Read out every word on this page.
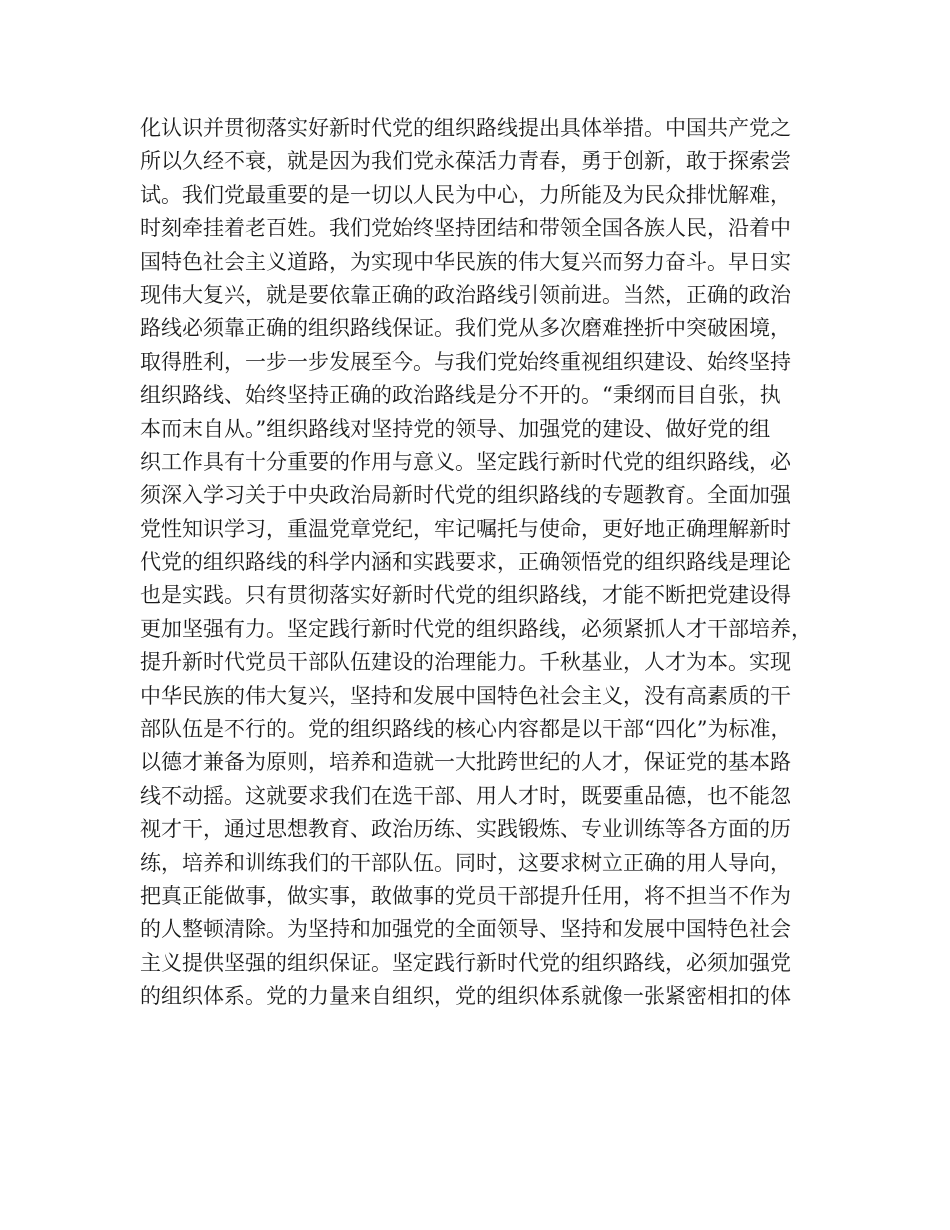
化认识并贯彻落实好新时代党的组织路线提出具体举措。中国共产党之
所以久经不衰，就是因为我们党永葆活力青春，勇于创新，敢于探索尝
试。我们党最重要的是一切以人民为中心，力所能及为民众排忧解难，
时刻牵挂着老百姓。我们党始终坚持团结和带领全国各族人民，沿着中
国特色社会主义道路，为实现中华民族的伟大复兴而努力奋斗。早日实
现伟大复兴，就是要依靠正确的政治路线引领前进。当然，正确的政治
路线必须靠正确的组织路线保证。我们党从多次磨难挫折中突破困境，
取得胜利，一步一步发展至今。与我们党始终重视组织建设、始终坚持
组织路线、始终坚持正确的政治路线是分不开的。“秉纲而目自张，执
本而末自从。”组织路线对坚持党的领导、加强党的建设、做好党的组
织工作具有十分重要的作用与意义。坚定践行新时代党的组织路线，必
须深入学习关于中央政治局新时代党的组织路线的专题教育。全面加强
党性知识学习，重温党章党纪，牢记嘱托与使命，更好地正确理解新时
代党的组织路线的科学内涵和实践要求，正确领悟党的组织路线是理论
也是实践。只有贯彻落实好新时代党的组织路线，才能不断把党建设得
更加坚强有力。坚定践行新时代党的组织路线，必须紧抓人才干部培养，
提升新时代党员干部队伍建设的治理能力。千秋基业，人才为本。实现
中华民族的伟大复兴，坚持和发展中国特色社会主义，没有高素质的干
部队伍是不行的。党的组织路线的核心内容都是以干部“四化”为标准，
以德才兼备为原则，培养和造就一大批跨世纪的人才，保证党的基本路
线不动摇。这就要求我们在选干部、用人才时，既要重品德，也不能忽
视才干，通过思想教育、政治历练、实践锻炼、专业训练等各方面的历
练，培养和训练我们的干部队伍。同时，这要求树立正确的用人导向，
把真正能做事，做实事，敢做事的党员干部提升任用，将不担当不作为
的人整顿清除。为坚持和加强党的全面领导、坚持和发展中国特色社会
主义提供坚强的组织保证。坚定践行新时代党的组织路线，必须加强党
的组织体系。党的力量来自组织，党的组织体系就像一张紧密相扣的体
